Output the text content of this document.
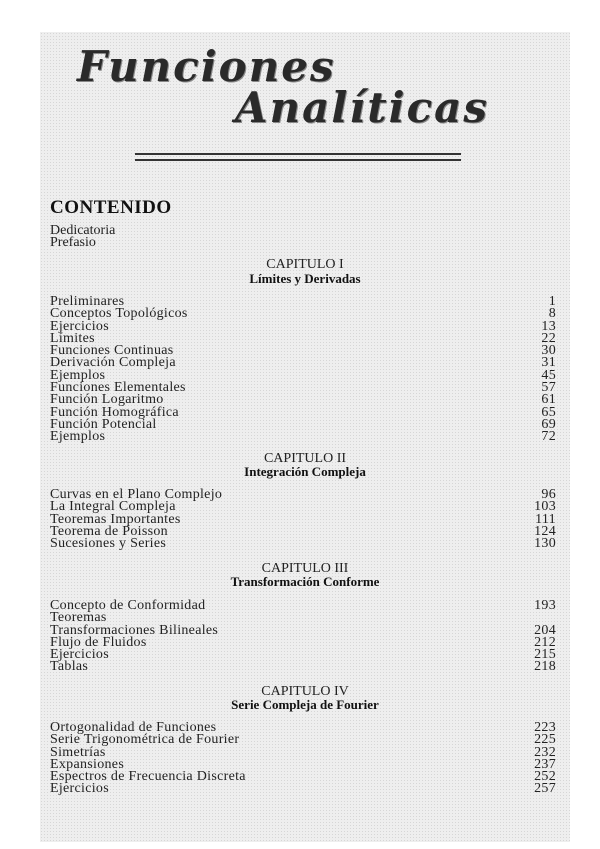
Funciones
Analíticas
CONTENIDO
Dedicatoria
Prefasio
CAPITULO I
Límites y Derivadas
Preliminares	1
Conceptos Topológicos	8
Ejercicios	13
Límites	22
Funciones Continuas	30
Derivación Compleja	31
Ejemplos	45
Funciones Elementales	57
Función Logaritmo	61
Función Homográfica	65
Función Potencial	69
Ejemplos	72
CAPITULO II
Integración Compleja
Curvas en el Plano Complejo	96
La Integral Compleja	103
Teoremas Importantes	111
Teorema de Poisson	124
Sucesiones y Series	130
CAPITULO III
Transformación Conforme
Concepto de Conformidad	193
Teoremas
Transformaciones Bilineales	204
Flujo de Fluidos	212
Ejercicios	215
Tablas	218
CAPITULO IV
Serie Compleja de Fourier
Ortogonalidad de Funciones	223
Serie Trigonométrica de Fourier	225
Simetrías	232
Expansiones	237
Espectros de Frecuencia Discreta	252
Ejercicios	257
